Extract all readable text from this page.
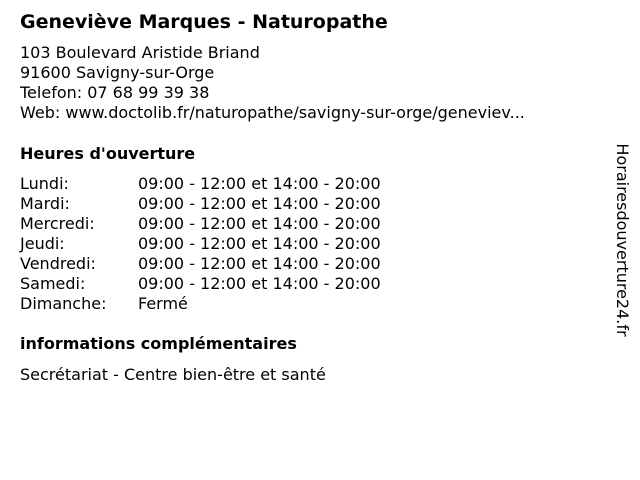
Geneviève Marques - Naturopathe
103 Boulevard Aristide Briand
91600 Savigny-sur-Orge
Telefon: 07 68 99 39 38
Web: www.doctolib.fr/naturopathe/savigny-sur-orge/geneviev...
Heures d'ouverture
Lundi:	09:00 - 12:00 et 14:00 - 20:00
Mardi:	09:00 - 12:00 et 14:00 - 20:00
Mercredi:	09:00 - 12:00 et 14:00 - 20:00
Jeudi:	09:00 - 12:00 et 14:00 - 20:00
Vendredi:	09:00 - 12:00 et 14:00 - 20:00
Samedi:	09:00 - 12:00 et 14:00 - 20:00
Dimanche:	Fermé
informations complémentaires
Secrétariat - Centre bien-être et santé
Horairesdouverture24.fr
